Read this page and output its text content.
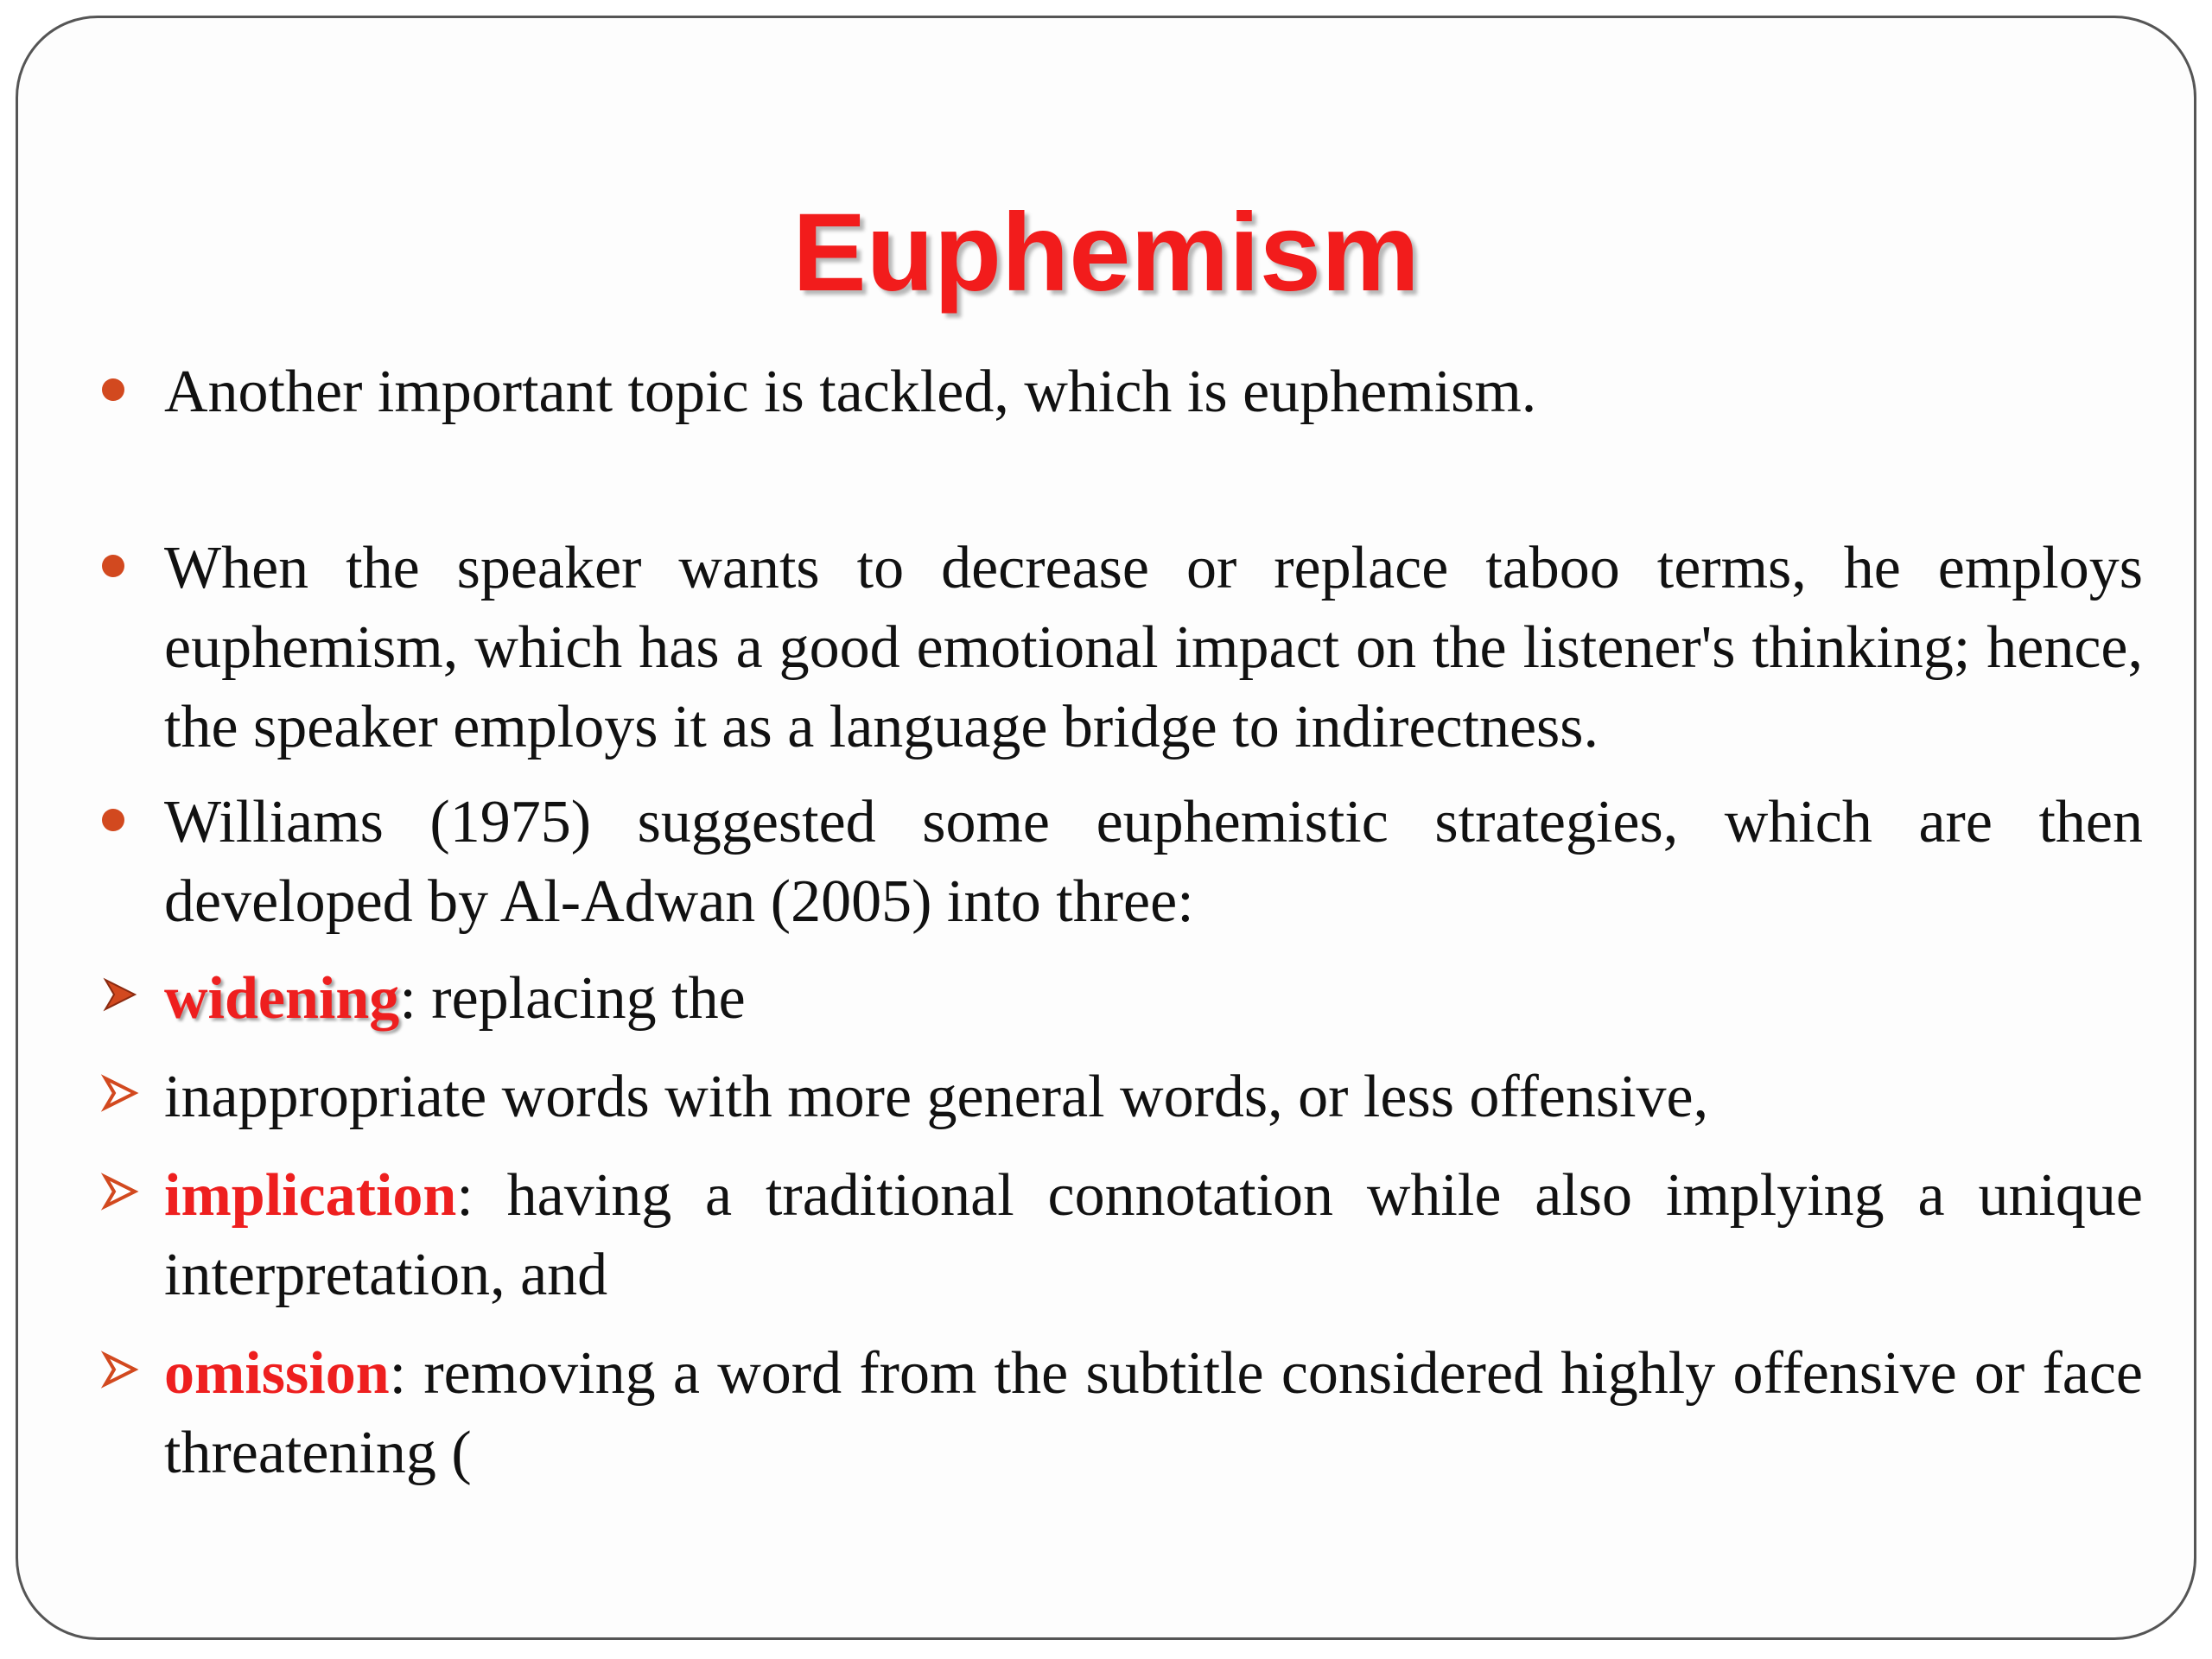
Euphemism

Another important topic is tackled, which is euphemism.

When the speaker wants to decrease or replace taboo terms, he employs euphemism, which has a good emotional impact on the listener's thinking; hence, the speaker employs it as a language bridge to indirectness.

Williams (1975) suggested some euphemistic strategies, which are then developed by Al-Adwan (2005) into three:

widening: replacing the

inappropriate words with more general words, or less offensive,

implication: having a traditional connotation while also implying a unique interpretation, and

omission: removing a word from the subtitle considered highly offensive or face threatening (
